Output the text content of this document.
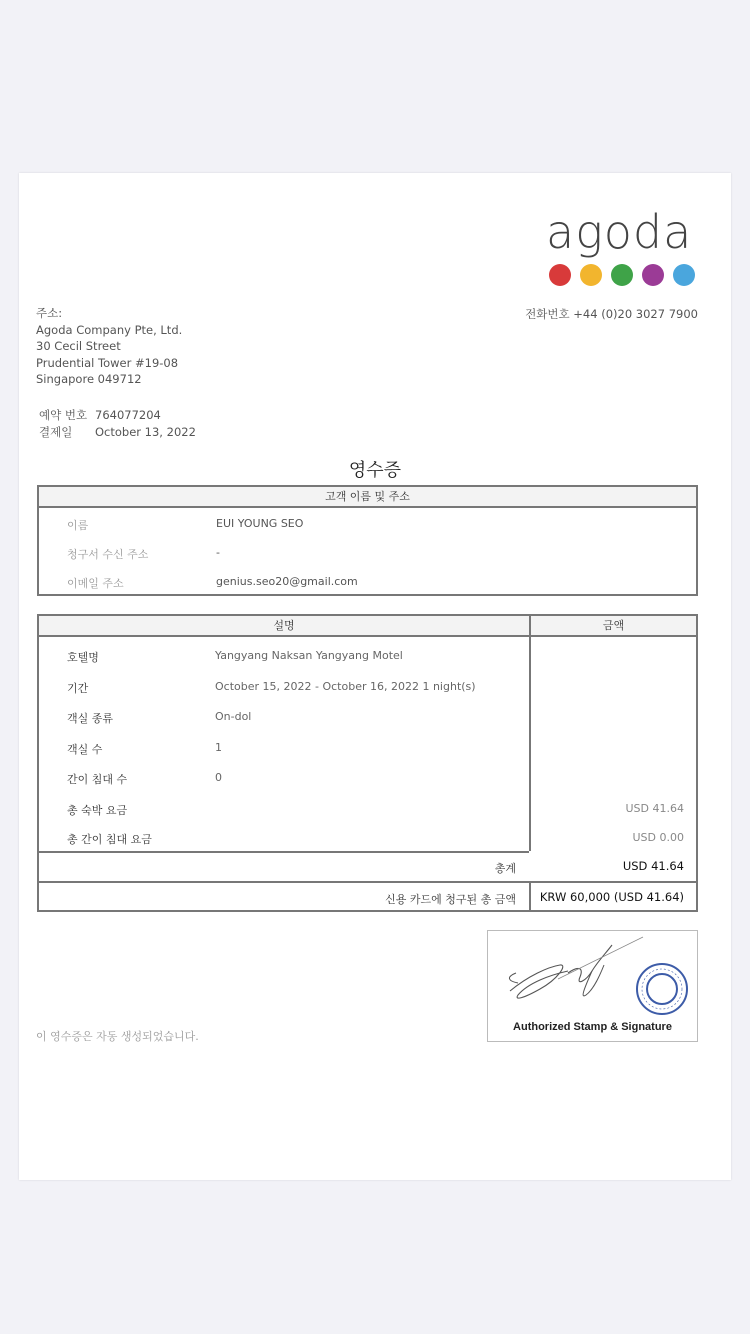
agoda
주소:
Agoda Company Pte, Ltd.
30 Cecil Street
Prudential Tower #19-08
Singapore 049712
전화번호 +44 (0)20 3027 7900
예약 번호 764077204
결제일 October 13, 2022
영수증
고객 이름 및 주소
이름	EUI YOUNG SEO
청구서 수신 주소	-
이메일 주소	genius.seo20@gmail.com
설명	금액
호텔명	Yangyang Naksan Yangyang Motel
기간	October 15, 2022 - October 16, 2022 1 night(s)
객실 종류	On-dol
객실 수	1
간이 침대 수	0
총 숙박 요금	USD 41.64
총 간이 침대 요금	USD 0.00
총계	USD 41.64
신용 카드에 청구된 총 금액 KRW 60,000 (USD 41.64)
Authorized Stamp & Signature
이 영수증은 자동 생성되었습니다.
